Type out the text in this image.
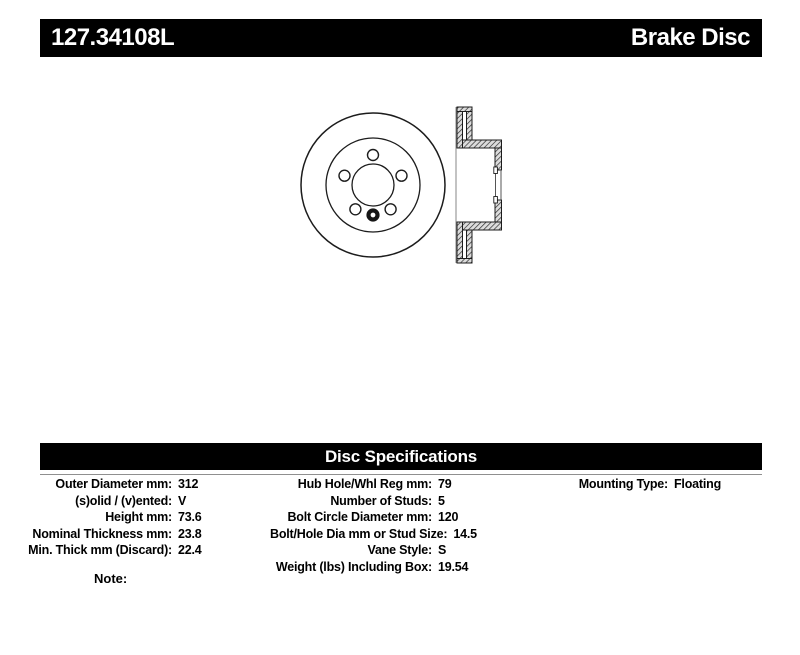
127.34108L	Brake Disc
Disc Specifications
Outer Diameter mm: 312
(s)olid / (v)ented: V
Height mm: 73.6
Nominal Thickness mm: 23.8
Min. Thick mm (Discard): 22.4
Hub Hole/Whl Reg mm: 79
Number of Studs: 5
Bolt Circle Diameter mm: 120
Bolt/Hole Dia mm or Stud Size: 14.5
Vane Style: S
Weight (lbs) Including Box: 19.54
Mounting Type: Floating
Note:
